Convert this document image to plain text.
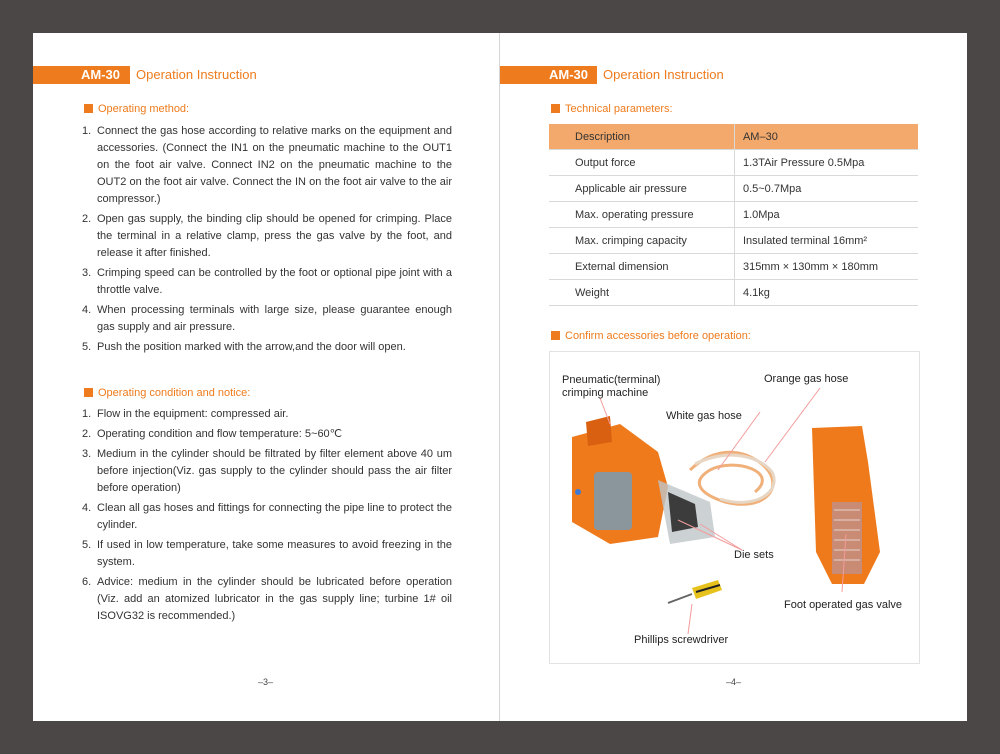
AM-30 Operation Instruction
Operating method:
1. Connect the gas hose according to relative marks on the equipment and accessories. (Connect the IN1 on the pneumatic machine to the OUT1 on the foot air valve. Connect IN2 on the pneumatic machine to the OUT2 on the foot air valve. Connect the IN on the foot air valve to the air compressor.)
2. Open gas supply, the binding clip should be opened for crimping. Place the terminal in a relative clamp, press the gas valve by the foot, and release it after finished.
3. Crimping speed can be controlled by the foot or optional pipe joint with a throttle valve.
4. When processing terminals with large size, please guarantee enough gas supply and air pressure.
5. Push the position marked with the arrow,and the door will open.
Operating condition and notice:
1. Flow in the equipment: compressed air.
2. Operating condition and flow temperature: 5~60℃
3. Medium in the cylinder should be filtrated by filter element above 40 um before injection(Viz. gas supply to the cylinder should pass the air filter before operation)
4. Clean all gas hoses and fittings for connecting the pipe line to protect the cylinder.
5. If used in low temperature, take some measures to avoid freezing in the system.
6. Advice: medium in the cylinder should be lubricated before operation (Viz. add an atomized lubricator in the gas supply line; turbine 1# oil ISOVG32 is recommended.)
–3–
AM-30 Operation Instruction
Technical parameters:
Description	AM–30
Output force	1.3TAir Pressure 0.5Mpa
Applicable air pressure	0.5~0.7Mpa
Max. operating pressure	1.0Mpa
Max. crimping capacity	Insulated terminal 16mm²
External dimension	315mm × 130mm × 180mm
Weight	4.1kg
Confirm accessories before operation:
Pneumatic(terminal)
crimping machine
Orange gas hose
White gas hose
Die sets
Foot operated gas valve
Phillips screwdriver
–4–
